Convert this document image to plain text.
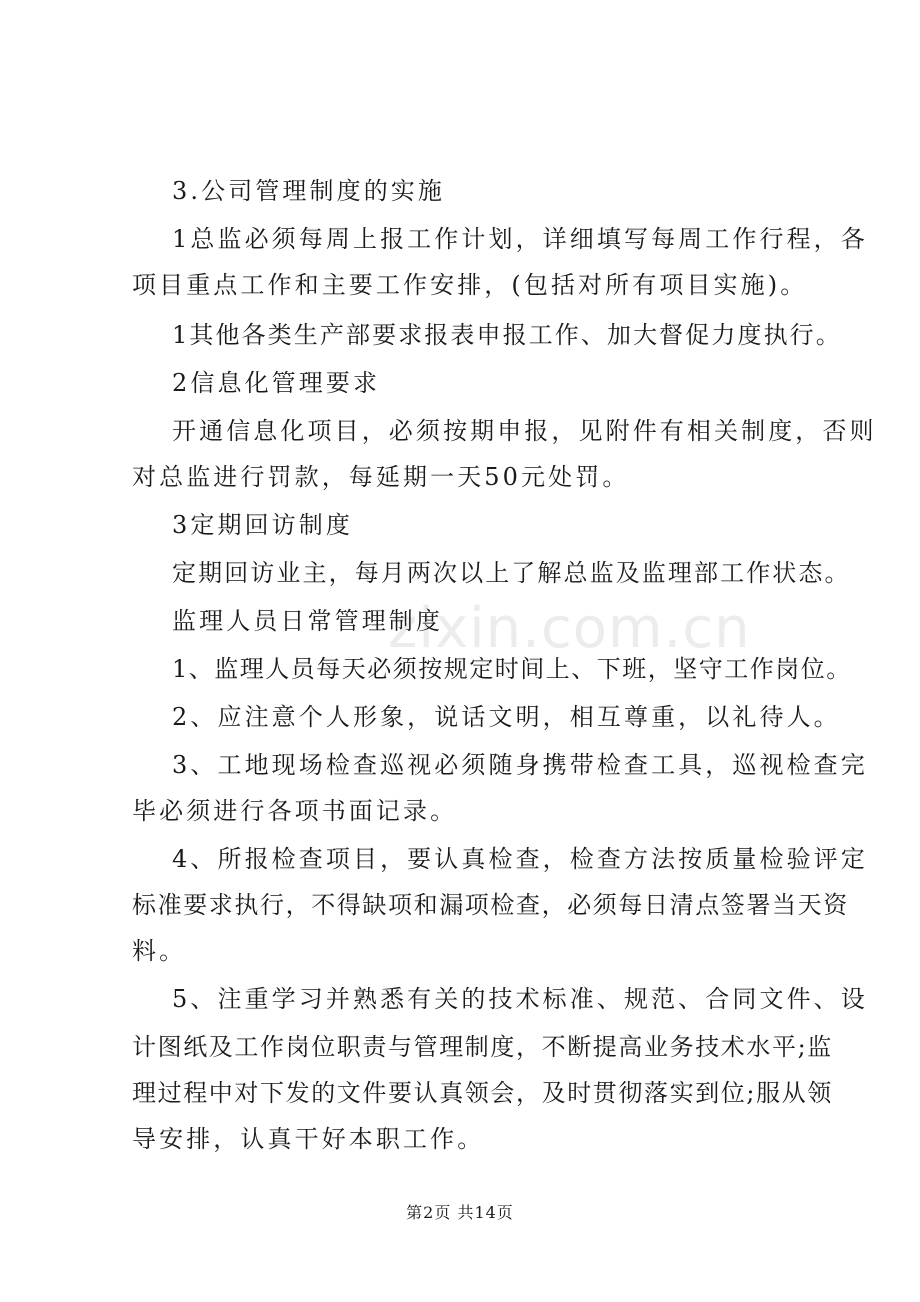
zixin.com.cn
3.公司管理制度的实施
1总监必须每周上报工作计划，详细填写每周工作行程，各
项目重点工作和主要工作安排，(包括对所有项目实施)。
1其他各类生产部要求报表申报工作、加大督促力度执行。
2信息化管理要求
开通信息化项目，必须按期申报，见附件有相关制度，否则
对总监进行罚款，每延期一天50元处罚。
3定期回访制度
定期回访业主，每月两次以上了解总监及监理部工作状态。
监理人员日常管理制度
1、监理人员每天必须按规定时间上、下班，坚守工作岗位。
2、应注意个人形象，说话文明，相互尊重，以礼待人。
3、工地现场检查巡视必须随身携带检查工具，巡视检查完
毕必须进行各项书面记录。
4、所报检查项目，要认真检查，检查方法按质量检验评定
标准要求执行，不得缺项和漏项检查，必须每日清点签署当天资
料。
5、注重学习并熟悉有关的技术标准、规范、合同文件、设
计图纸及工作岗位职责与管理制度，不断提高业务技术水平;监
理过程中对下发的文件要认真领会，及时贯彻落实到位;服从领
导安排，认真干好本职工作。
第2页 共14页
